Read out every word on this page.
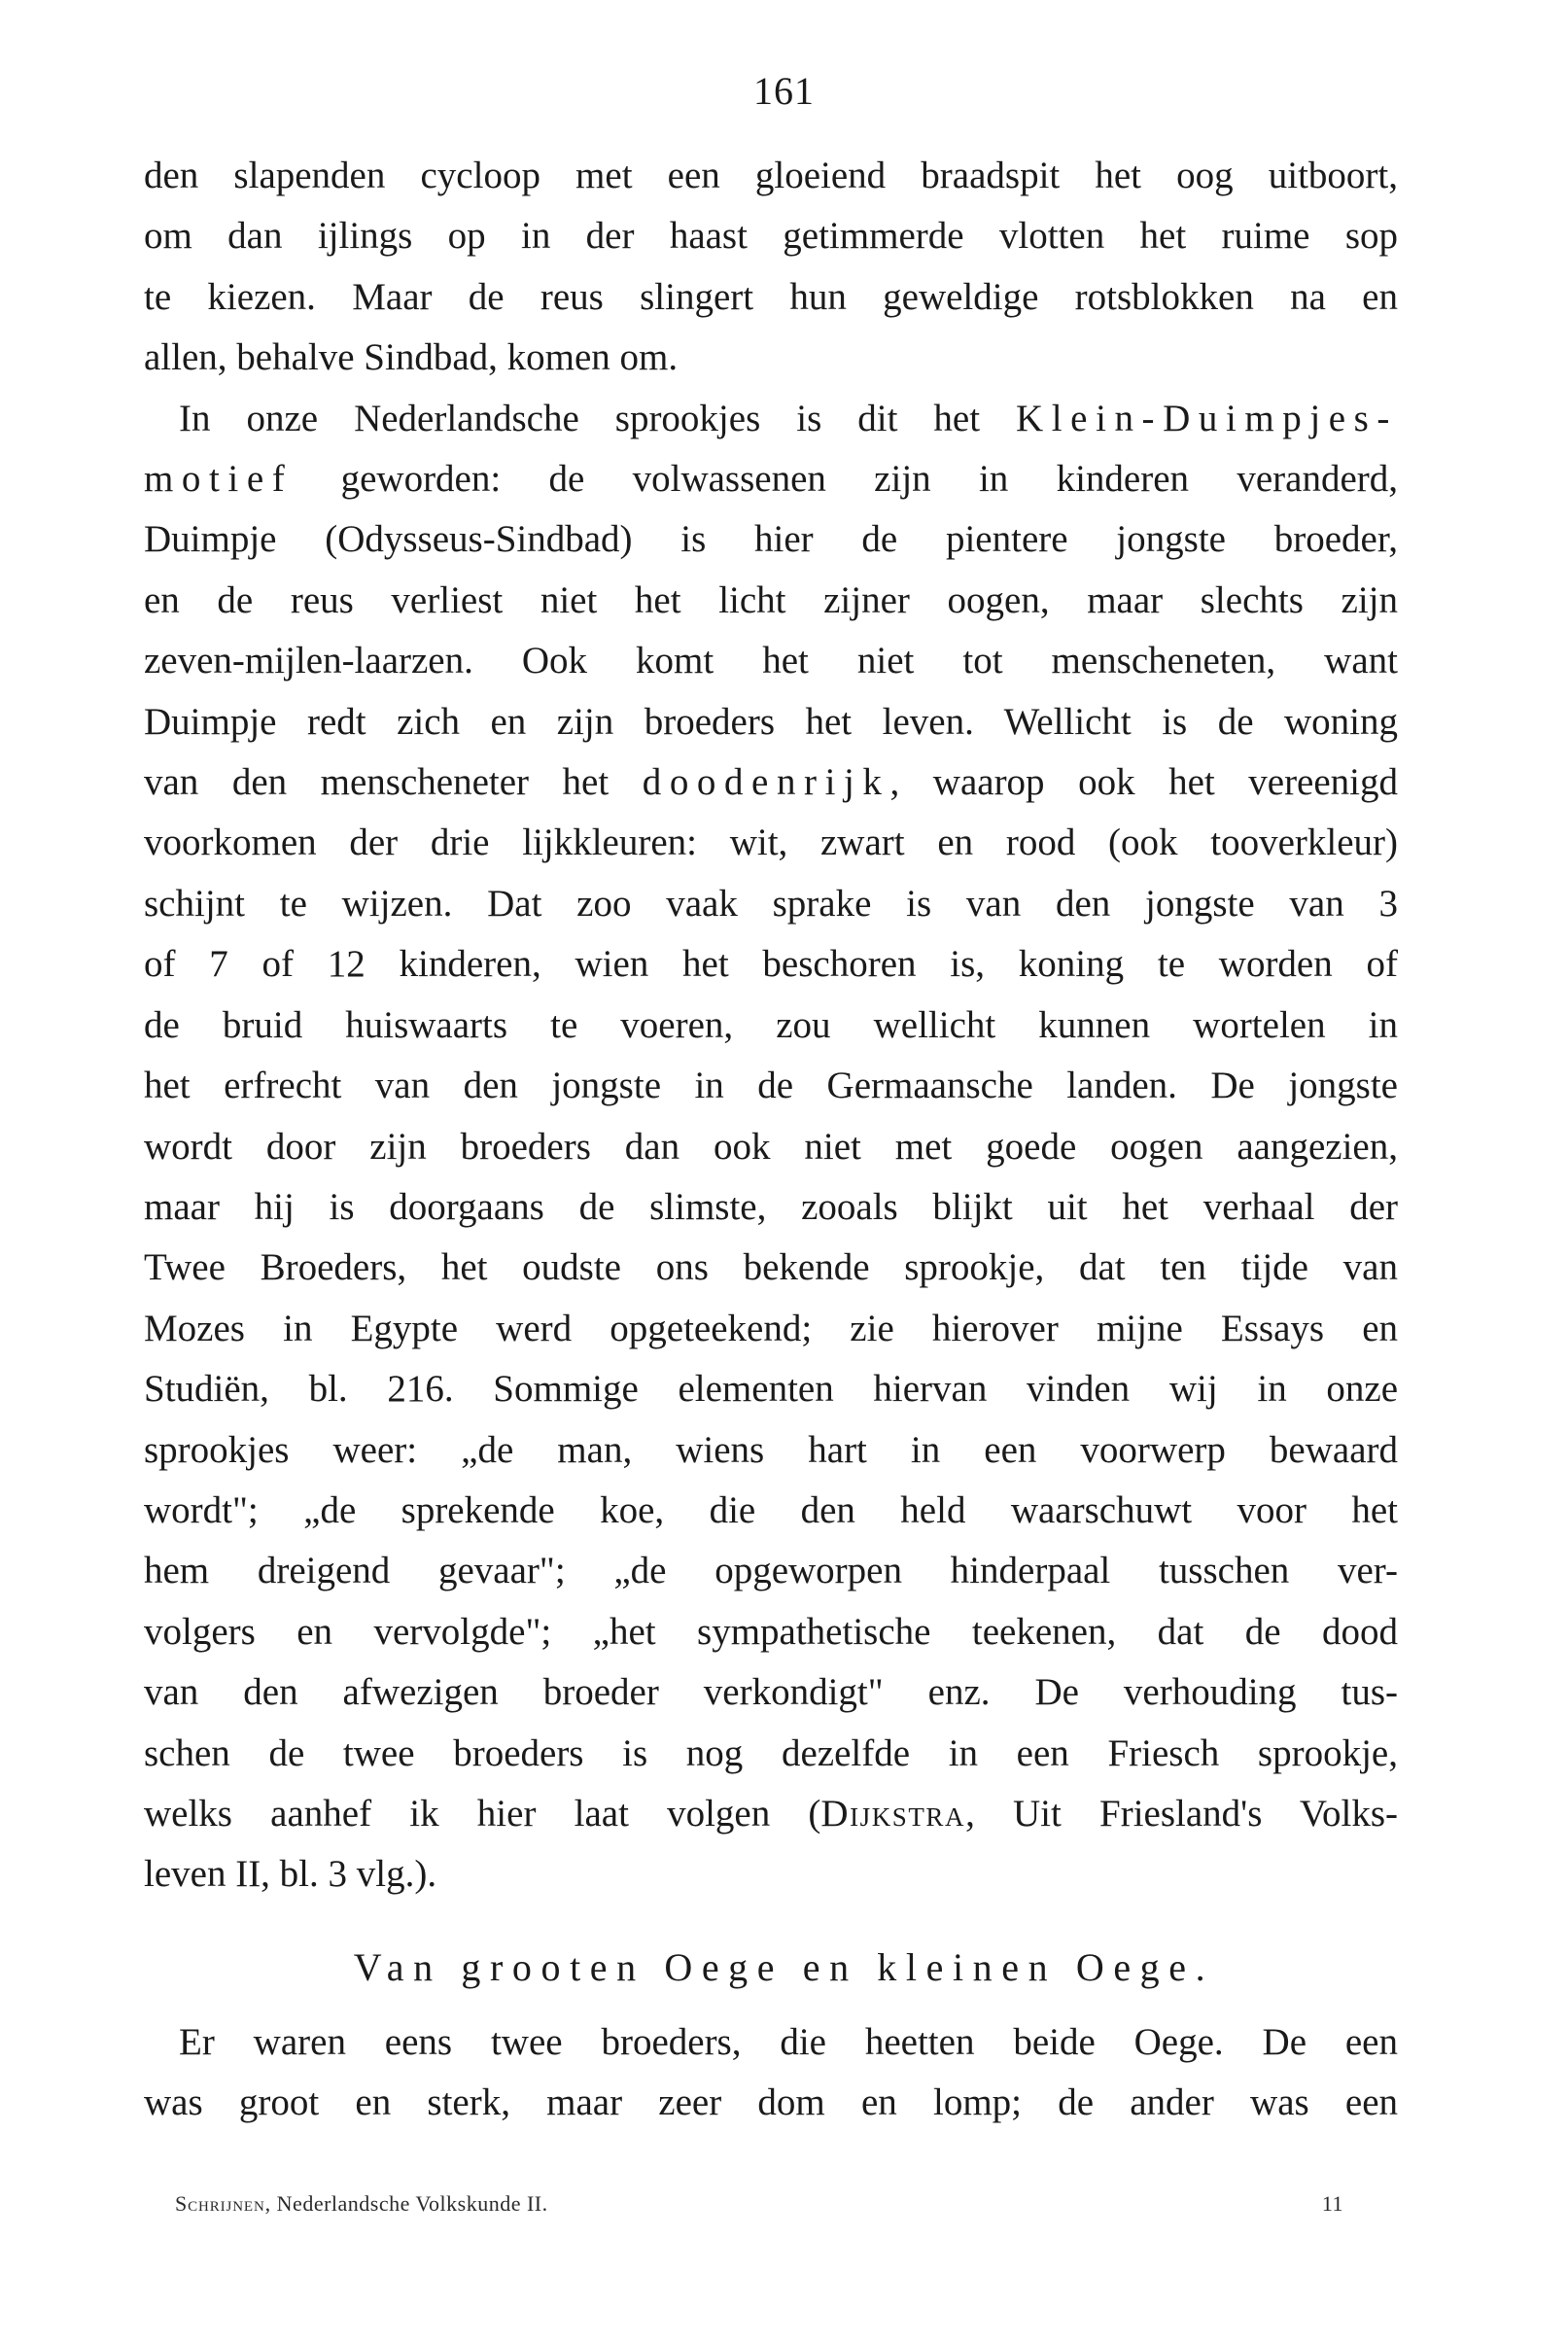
161
den slapenden cycloop met een gloeiend braadspit het oog uitboort,
om dan ijlings op in der haast getimmerde vlotten het ruime sop
te kiezen. Maar de reus slingert hun geweldige rotsblokken na en
allen, behalve Sindbad, komen om.
In onze Nederlandsche sprookjes is dit het Klein-Duimpjes-
motief geworden: de volwassenen zijn in kinderen veranderd,
Duimpje (Odysseus-Sindbad) is hier de pientere jongste broeder,
en de reus verliest niet het licht zijner oogen, maar slechts zijn
zeven-mijlen-laarzen. Ook komt het niet tot menscheneten, want
Duimpje redt zich en zijn broeders het leven. Wellicht is de woning
van den menscheneter het doodenrijk, waarop ook het vereenigd
voorkomen der drie lijkkleuren: wit, zwart en rood (ook tooverkleur)
schijnt te wijzen. Dat zoo vaak sprake is van den jongste van 3
of 7 of 12 kinderen, wien het beschoren is, koning te worden of
de bruid huiswaarts te voeren, zou wellicht kunnen wortelen in
het erfrecht van den jongste in de Germaansche landen. De jongste
wordt door zijn broeders dan ook niet met goede oogen aangezien,
maar hij is doorgaans de slimste, zooals blijkt uit het verhaal der
Twee Broeders, het oudste ons bekende sprookje, dat ten tijde van
Mozes in Egypte werd opgeteekend; zie hierover mijne Essays en
Studiën, bl. 216. Sommige elementen hiervan vinden wij in onze
sprookjes weer: „de man, wiens hart in een voorwerp bewaard
wordt"; „de sprekende koe, die den held waarschuwt voor het
hem dreigend gevaar"; „de opgeworpen hinderpaal tusschen ver-
volgers en vervolgde"; „het sympathetische teekenen, dat de dood
van den afwezigen broeder verkondigt" enz. De verhouding tus-
schen de twee broeders is nog dezelfde in een Friesch sprookje,
welks aanhef ik hier laat volgen (Dijkstra, Uit Friesland's Volks-
leven II, bl. 3 vlg.).
Van grooten Oege en kleinen Oege.
Er waren eens twee broeders, die heetten beide Oege. De een
was groot en sterk, maar zeer dom en lomp; de ander was een
Schrijnen, Nederlandsche Volkskunde II.	11
